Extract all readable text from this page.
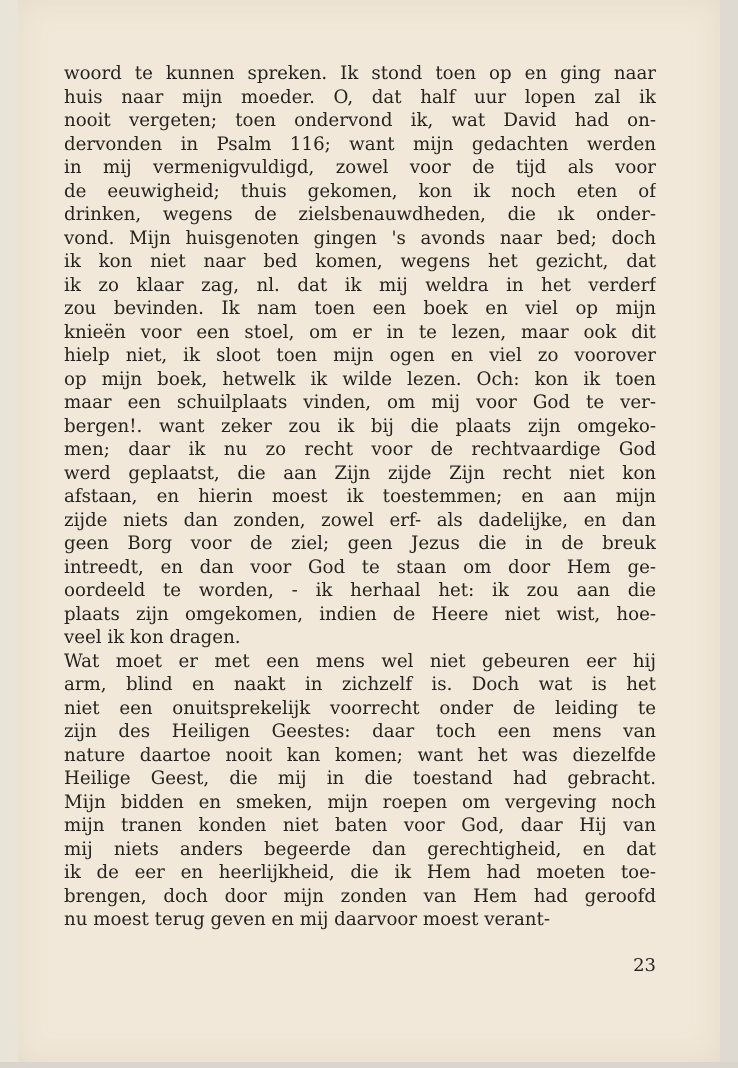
woord te kunnen spreken. Ik stond toen op en ging naar
huis naar mijn moeder. O, dat half uur lopen zal ik
nooit vergeten; toen ondervond ik, wat David had on-
dervonden in Psalm 116; want mijn gedachten werden
in mij vermenigvuldigd, zowel voor de tijd als voor
de eeuwigheid; thuis gekomen, kon ik noch eten of
drinken, wegens de zielsbenauwdheden, die ık onder-
vond. Mijn huisgenoten gingen 's avonds naar bed; doch
ik kon niet naar bed komen, wegens het gezicht, dat
ik zo klaar zag, nl. dat ik mij weldra in het verderf
zou bevinden. Ik nam toen een boek en viel op mijn
knieën voor een stoel, om er in te lezen, maar ook dit
hielp niet, ik sloot toen mijn ogen en viel zo voorover
op mijn boek, hetwelk ik wilde lezen. Och: kon ik toen
maar een schuilplaats vinden, om mij voor God te ver-
bergen!. want zeker zou ik bij die plaats zijn omgeko-
men; daar ik nu zo recht voor de rechtvaardige God
werd geplaatst, die aan Zijn zijde Zijn recht niet kon
afstaan, en hierin moest ik toestemmen; en aan mijn
zijde niets dan zonden, zowel erf- als dadelijke, en dan
geen Borg voor de ziel; geen Jezus die in de breuk
intreedt, en dan voor God te staan om door Hem ge-
oordeeld te worden, - ik herhaal het: ik zou aan die
plaats zijn omgekomen, indien de Heere niet wist, hoe-
veel ik kon dragen.
Wat moet er met een mens wel niet gebeuren eer hij
arm, blind en naakt in zichzelf is. Doch wat is het
niet een onuitsprekelijk voorrecht onder de leiding te
zijn des Heiligen Geestes: daar toch een mens van
nature daartoe nooit kan komen; want het was diezelfde
Heilige Geest, die mij in die toestand had gebracht.
Mijn bidden en smeken, mijn roepen om vergeving noch
mijn tranen konden niet baten voor God, daar Hij van
mij niets anders begeerde dan gerechtigheid, en dat
ik de eer en heerlijkheid, die ik Hem had moeten toe-
brengen, doch door mijn zonden van Hem had geroofd
nu moest terug geven en mij daarvoor moest verant-
23
